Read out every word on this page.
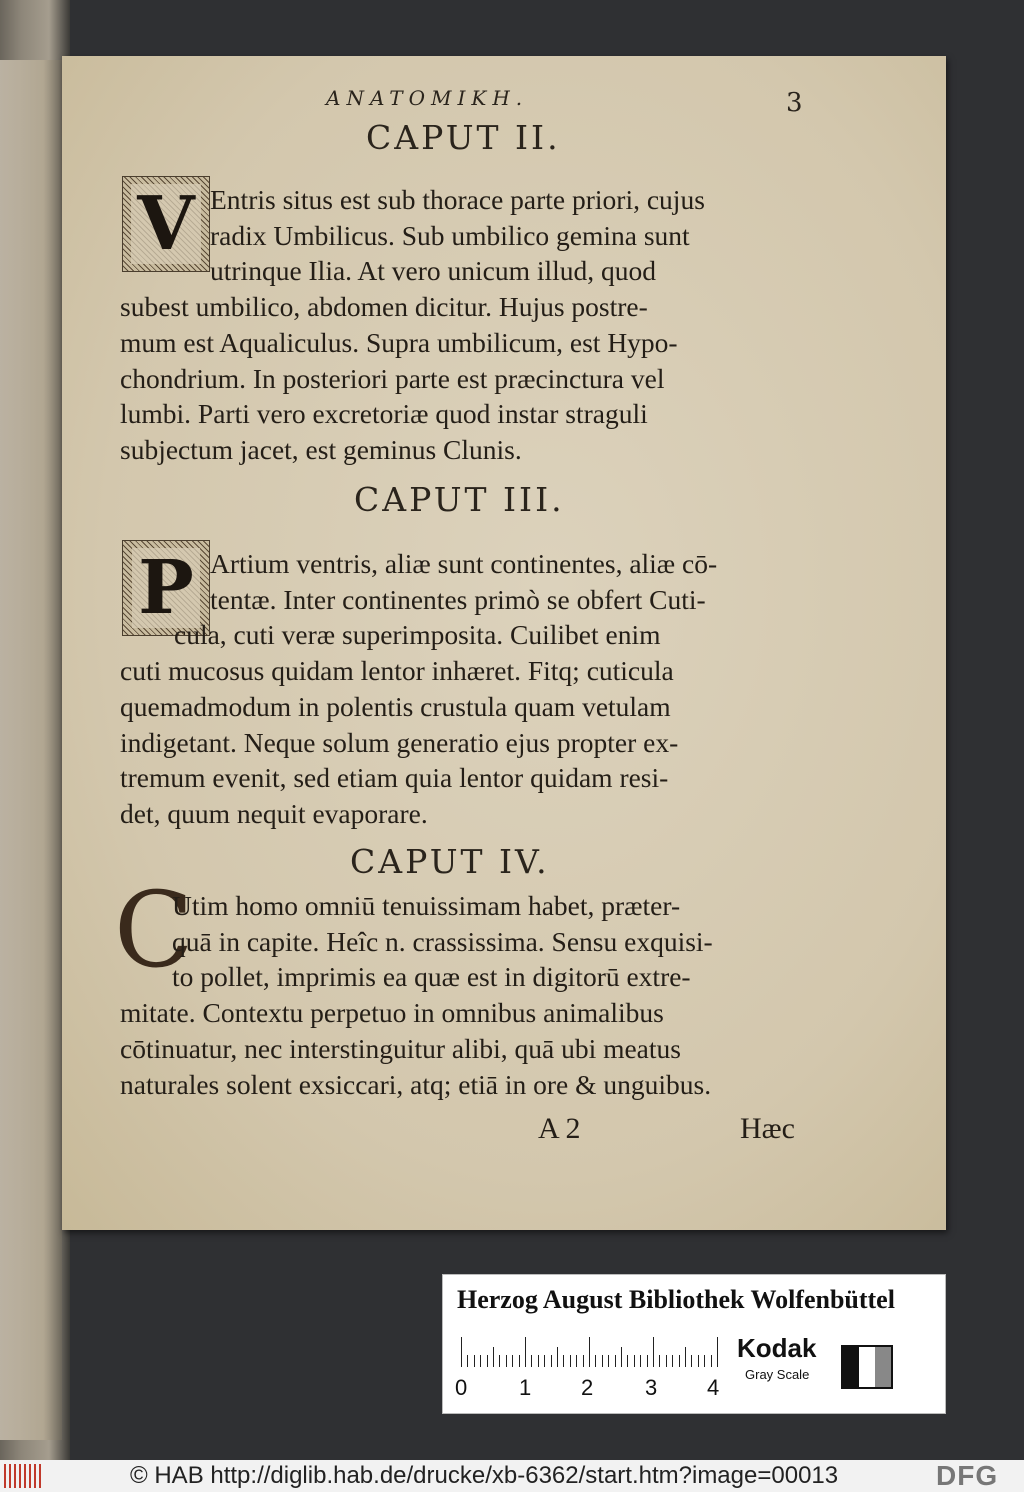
ANATOMIKH.	3
CAPUT II.
V Entris situs est sub thorace parte priori, cujus
radix Umbilicus. Sub umbilico gemina sunt
utrinque Ilia. At vero unicum illud, quod
subest umbilico, abdomen dicitur. Hujus postre-
mum est Aqualiculus. Supra umbilicum, est Hypo-
chondrium. In posteriori parte est præcinctura vel
lumbi. Parti vero excretoriæ quod instar straguli
subjectum jacet, est geminus Clunis.
CAPUT III.
P Artium ventris, aliæ sunt continentes, aliæ cō-
tentæ. Inter continentes primò se obfert Cuti-
cula, cuti veræ superimposita. Cuilibet enim
cuti mucosus quidam lentor inhæret. Fitq; cuticula
quemadmodum in polentis crustula quam vetulam
indigetant. Neque solum generatio ejus propter ex-
tremum evenit, sed etiam quia lentor quidam resi-
det, quum nequit evaporare.
CAPUT IV.
C
Utim homo omniū tenuissimam habet, præter-
quā in capite. Heîc n. crassissima. Sensu exquisi-
to pollet, imprimis ea quæ est in digitorū extre-
mitate. Contextu perpetuo in omnibus animalibus
cōtinuatur, nec interstinguitur alibi, quā ubi meatus
naturales solent exsiccari, atq; etiā in ore & unguibus.
A 2	Hæc
Herzog August Bibliothek Wolfenbüttel
0 1 2 3 4
Kodak
Gray Scale
© HAB http://diglib.hab.de/drucke/xb-6362/start.htm?image=00013	DFG
